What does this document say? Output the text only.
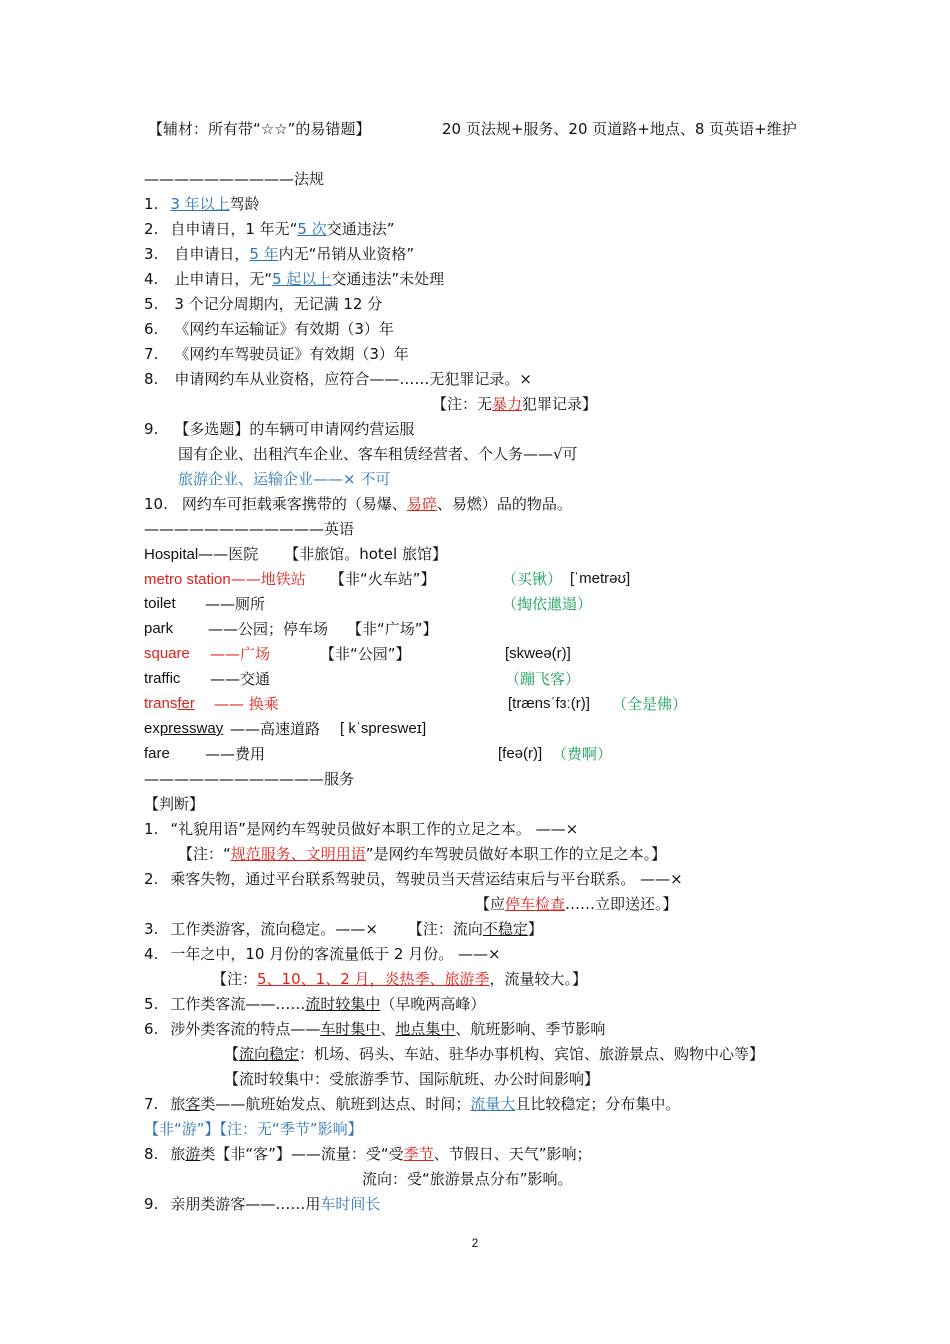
【辅材：所有带“☆☆”的易错题】	20 页法规+服务、20 页道路+地点、8 页英语+维护
——————————法规
1. 3 年以上驾龄
2. 自申请日，1 年无“5 次交通违法”
3. 自申请日，5 年内无“吊销从业资格”
4. 止申请日，无“5 起以上交通违法”未处理
5. 3 个记分周期内，无记满 12 分
6. 《网约车运输证》有效期（3）年
7. 《网约车驾驶员证》有效期（3）年
8. 申请网约车从业资格，应符合——……无犯罪记录。×
【注：无暴力犯罪记录】
9. 【多选题】的车辆可申请网约营运服
国有企业、出租汽车企业、客车租赁经营者、个人务——√可
旅游企业、运输企业——× 不可
10. 网约车可拒载乘客携带的（易爆、易碎、易燃）品的物品。
————————————英语
Hospital——医院 【非旅馆。hotel 旅馆】
metro station——地铁站 【非“火车站”】	（买锹） [ˈmetrəʊ]
toilet ——厕所	（掏依邋遢）
park ——公园；停车场 【非“广场”】
square ——广场	【非“公园”】	[skweə(r)]
traffic ——交通	（蹦飞客）
transfer —— 换乘	[trænsˈfɜː(r)] （全是佛）
expressway ——高速道路 [ kˈspresweɪ]
fare ——费用	[feə(r)] （费啊）
————————————服务
【判断】
1. “礼貌用语”是网约车驾驶员做好本职工作的立足之本。 ——×
【注：“规范服务、文明用语”是网约车驾驶员做好本职工作的立足之本。】
2. 乘客失物，通过平台联系驾驶员，驾驶员当天营运结束后与平台联系。 ——×
【应停车检查……立即送还。】
3. 工作类游客，流向稳定。——× 【注：流向不稳定】
4. 一年之中，10 月份的客流量低于 2 月份。 ——×
【注：5、10、1、2 月，炎热季、旅游季，流量较大。】
5. 工作类客流——……流时较集中（早晚两高峰）
6. 涉外类客流的特点——车时集中、地点集中、航班影响、季节影响
【流向稳定：机场、码头、车站、驻华办事机构、宾馆、旅游景点、购物中心等】
【流时较集中：受旅游季节、国际航班、办公时间影响】
7. 旅客类——航班始发点、航班到达点、时间；流量大且比较稳定；分布集中。
【非“游”】【注：无“季节”影响】
8. 旅游类【非“客”】——流量：受“受季节、节假日、天气”影响；
流向：受“旅游景点分布”影响。
9. 亲朋类游客——……用车时间长
2
